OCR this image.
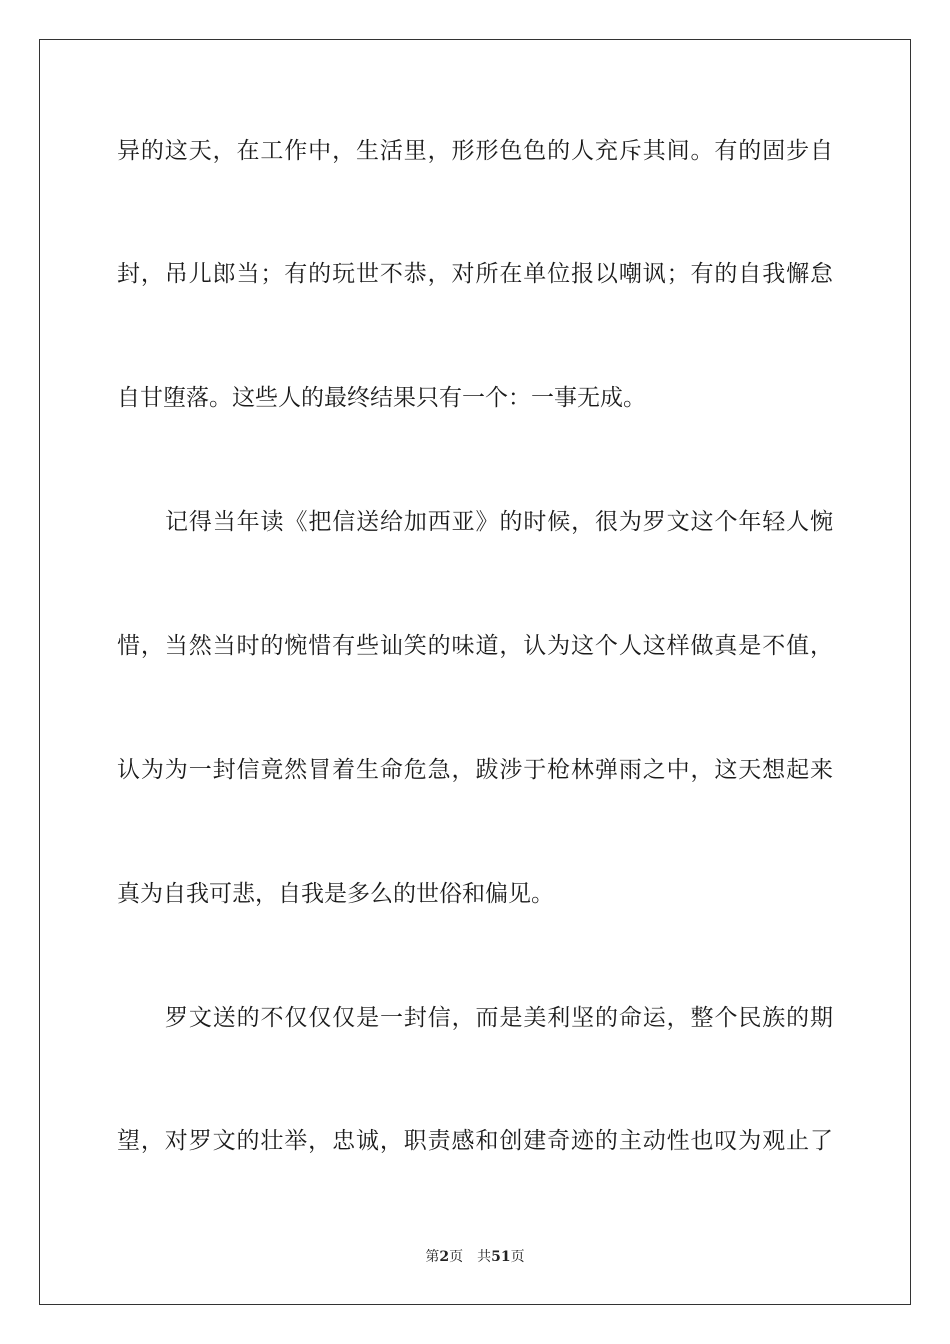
异的这天，在工作中，生活里，形形色色的人充斥其间。有的固步自
封，吊儿郎当；有的玩世不恭，对所在单位报以嘲讽；有的自我懈怠
自甘堕落。这些人的最终结果只有一个：一事无成。
记得当年读《把信送给加西亚》的时候，很为罗文这个年轻人惋
惜，当然当时的惋惜有些讪笑的味道，认为这个人这样做真是不值，
认为为一封信竟然冒着生命危急，跋涉于枪林弹雨之中，这天想起来
真为自我可悲，自我是多么的世俗和偏见。
罗文送的不仅仅仅是一封信，而是美利坚的命运，整个民族的期
望，对罗文的壮举，忠诚，职责感和创建奇迹的主动性也叹为观止了
第2页 共51页
